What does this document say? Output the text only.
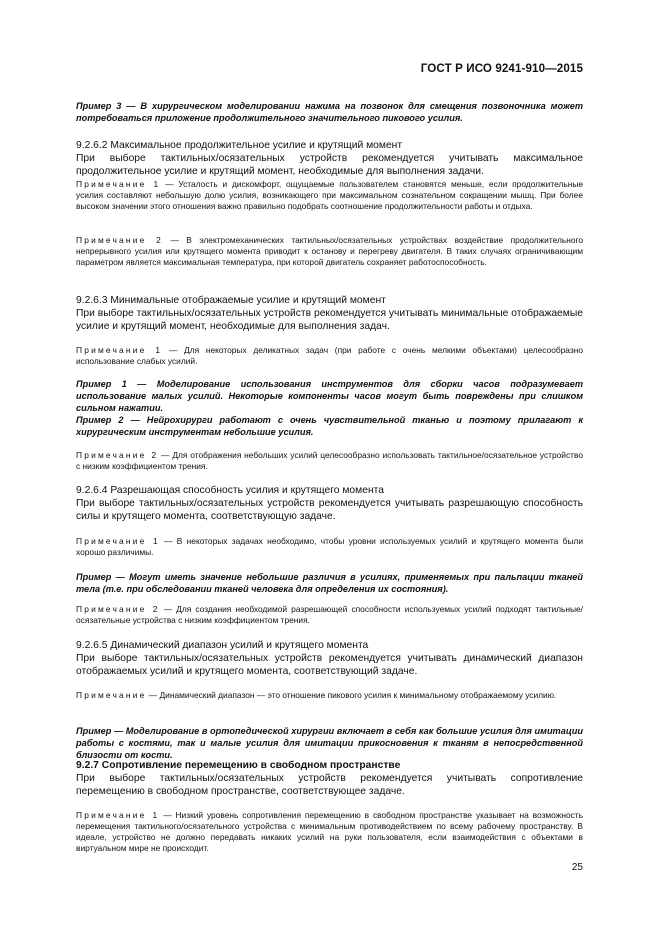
ГОСТ Р ИСО 9241-910—2015

Пример 3 — В хирургическом моделировании нажима на позвонок для смещения позвоночника может потребоваться приложение продолжительного значительного пикового усилия.

9.2.6.2 Максимальное продолжительное усилие и крутящий момент

При выборе тактильных/осязательных устройств рекомендуется учитывать максимальное продолжительное усилие и крутящий момент, необходимые для выполнения задачи.

Примечание 1 — Усталость и дискомфорт, ощущаемые пользователем становятся меньше, если продолжительные усилия составляют небольшую долю усилия, возникающего при максимальном сознательном сокращении мышц. При более высоком значении этого отношения важно правильно подобрать соотношение продолжительности работы и отдыха.

Примечание 2 — В электромеханических тактильных/осязательных устройствах воздействие продолжительного непрерывного усилия или крутящего момента приводит к останову и перегреву двигателя. В таких случаях ограничивающим параметром является максимальная температура, при которой двигатель сохраняет работоспособность.

9.2.6.3 Минимальные отображаемые усилие и крутящий момент

При выборе тактильных/осязательных устройств рекомендуется учитывать минимальные отображаемые усилие и крутящий момент, необходимые для выполнения задач.

Примечание 1 — Для некоторых деликатных задач (при работе с очень мелкими объектами) целесообразно использование слабых усилий.

Пример 1 — Моделирование использования инструментов для сборки часов подразумевает использование малых усилий. Некоторые компоненты часов могут быть повреждены при слишком сильном нажатии.

Пример 2 — Нейрохирурги работают с очень чувствительной тканью и поэтому прилагают к хирургическим инструментам небольшие усилия.

Примечание 2 — Для отображения небольших усилий целесообразно использовать тактильное/осязательное устройство с низким коэффициентом трения.

9.2.6.4 Разрешающая способность усилия и крутящего момента

При выборе тактильных/осязательных устройств рекомендуется учитывать разрешающую способность силы и крутящего момента, соответствующую задаче.

Примечание 1 — В некоторых задачах необходимо, чтобы уровни используемых усилий и крутящего момента были хорошо различимы.

Пример — Могут иметь значение небольшие различия в усилиях, применяемых при пальпации тканей тела (т.е. при обследовании тканей человека для определения их состояния).

Примечание 2 — Для создания необходимой разрешающей способности используемых усилий подходят тактильные/осязательные устройства с низким коэффициентом трения.

9.2.6.5 Динамический диапазон усилий и крутящего момента

При выборе тактильных/осязательных устройств рекомендуется учитывать динамический диапазон отображаемых усилий и крутящего момента, соответствующий задаче.

Примечание — Динамический диапазон — это отношение пикового усилия к минимальному отображаемому усилию.

Пример — Моделирование в ортопедической хирургии включает в себя как большие усилия для имитации работы с костями, так и малые усилия для имитации прикосновения к тканям в непосредственной близости от кости.

9.2.7 Сопротивление перемещению в свободном пространстве

При выборе тактильных/осязательных устройств рекомендуется учитывать сопротивление перемещению в свободном пространстве, соответствующее задаче.

Примечание 1 — Низкий уровень сопротивления перемещению в свободном пространстве указывает на возможность перемещения тактильного/осязательного устройства с минимальным противодействием по всему рабочему пространству. В идеале, устройство не должно передавать никаких усилий на руки пользователя, если взаимодействия с объектами в виртуальном мире не происходит.

25
